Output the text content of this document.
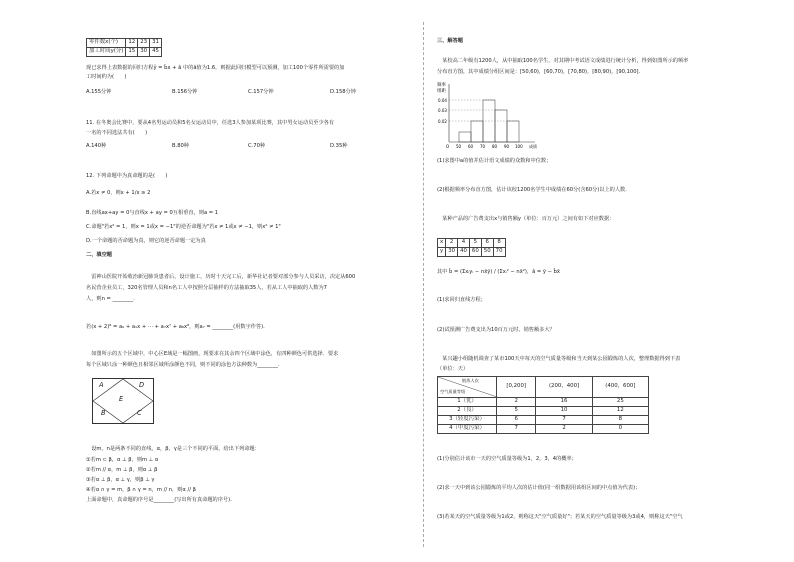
零件数x(个)	12	23	31
加工时间y(分)	15	30	45
现已求得上表数据的回归方程ŷ = b̂x + â 中的â值为1.6，则据此回归模型可以预测，加工100个零件所需要的加
工时间约为(　　)
A.155分钟	B.156分钟	C.157分钟	D.158分钟
11. 在冬奥会比赛中，要从4名男运动员和5名女运动员中，任选3人参加某项比赛，其中男女运动员至少各有
一名的不同选法共有(　　)
A.140种	B.80种	C.70种	D.35种
12. 下列命题中为真命题的是(　　)
A.若x ≠ 0，则x + 1/x ≥ 2
B.直线ax+ay = 0与直线x + ay = 0互相垂直，则a = 1
C.命题"若x² = 1，则x = 1或x = −1"的逆否命题为"若x ≠ 1或x ≠ −1，则x² ≠ 1"
D.一个命题的否命题为真，则它的逆否命题一定为真
二、填空题
　雷神山医院开始收治新冠肺炎患者后，设计施工，历时十天完工后，新华社记者要对部分参与人员采访，决定从600
名民营企业员工，320名管理人员和n名工人中按照分层抽样的方法抽取35人，若从工人中抽取的人数为7
人，则n = ________.
若(x + 2)⁸ = a₀ + a₁x + ⋯ + a₇x⁷ + a₈x⁸，则a₇ = ________(用数字作答).
　如图所示的五个区域中，中心区E域是一幅图画，现要求在其余四个区域中涂色，有四种颜色可供选择．要求
每个区域只涂一种颜色且相邻区域所涂颜色不同，则不同的涂色方法种数为________.
A	D
E
B	C
　设m，n是两条不同的直线，α，β，γ是三个不同的平面，给出下列命题：
①若m ⊂ β，α ⊥ β，则m ⊥ α
②若m // α，m ⊥ β，则α ⊥ β
③若α ⊥ β，α ⊥ γ，则β ⊥ γ
④若α ∩ γ = m，β ∩ γ = n，m // n，则α // β
上面命题中，真命题的序号是________(写出所有真命题的序号).
三、解答题
　某校高二年级有1200人，从中抽取100名学生，对其期中考试语文成绩进行统计分析，得到如图所示的频率
分布直方图，其中成绩分组区间是：[50,60)，[60,70)，[70,80)，[80,90)，[90,100].
频率
组距
0.04
0.03
0.02
O 50 60 70 80 90 100 成绩
(1)求图中a的值并估计语文成绩的众数和中位数；
(2)根据频率分布直方图，估计该校1200名学生中成绩在60分(含60分)以上的人数．
　某种产品的广告费支出x与销售额y（单位：百万元）之间有如下对应数据：
x	2	4	5	6	8
y	30	40	60	50	70
其中 b̂ = (Σxᵢyᵢ − nx̄ȳ) / (Σxᵢ² − nx̄²)，â = ȳ − b̂x̄
(1)求回归直线方程；
(2)试预测广告费支出为10百万元时，销售额多大？
　某兴趣小组随机调查了某市100天中每天的空气质量等级和当天到某公园锻炼的人次，整理数据得到下表
（单位：天）
锻炼人次
空气质量等级	[0,200]	(200，400]	(400，600]
1（优）	2	16	25
2（良）	5	10	12
3（轻度污染）	6	7	8
4（中度污染）	7	2	0
(1)分别估计该市一天的空气质量等级为1，2，3，4的概率；
(2)求一天中到该公园锻炼的平均人次的估计值(同一组数据用该组区间的中点值为代表)；
(3)若某天的空气质量等级为1或2，则称这天"空气质量好"；若某天的空气质量等级为3或4，则称这天"空气
